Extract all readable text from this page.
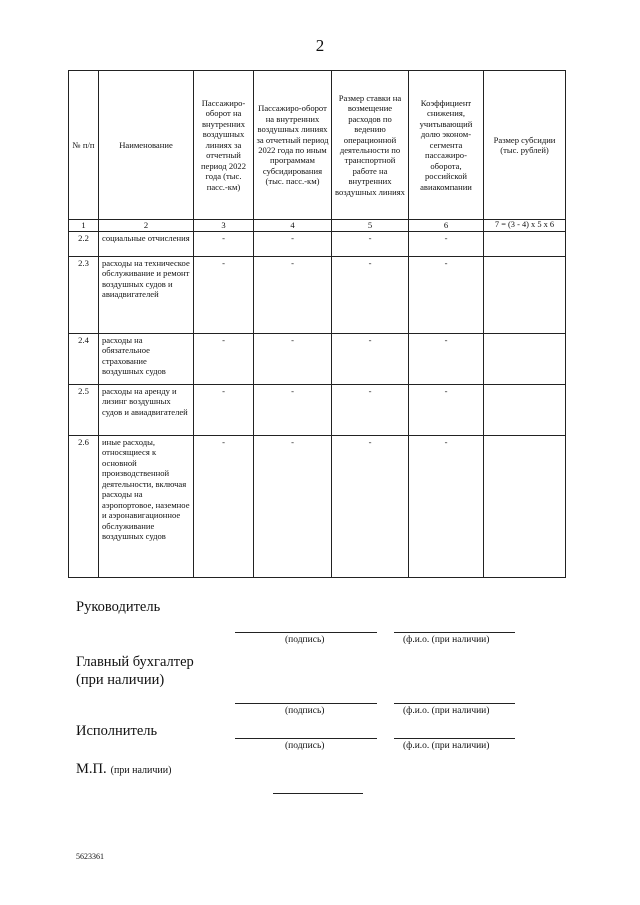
2
№ п/п	Наименование	Пассажиро-оборот на внутренних воздушных линиях за отчетный период 2022 года (тыс. пасс.-км)	Пассажиро-оборот на внутренних воздушных линиях за отчетный период 2022 года по иным программам субсидирования (тыс. пасс.-км)	Размер ставки на возмещение расходов по ведению операционной деятельности по транспортной работе на внутренних воздушных линиях	Коэффициент снижения, учитывающий долю эконом-сегмента пассажиро-оборота, российской авиакомпании	Размер субсидии (тыс. рублей)
1	2	3	4	5	6	7 = (3 - 4) x 5 x 6
2.2	социальные отчисления	-	-	-	-	
2.3	расходы на техническое обслуживание и ремонт воздушных судов и авиадвигателей	-	-	-	-	
2.4	расходы на обязательное страхование воздушных судов	-	-	-	-	
2.5	расходы на аренду и лизинг воздушных судов и авиадвигателей	-	-	-	-	
2.6	иные расходы, относящиеся к основной производственной деятельности, включая расходы на аэропортовое, наземное и аэронавигационное обслуживание воздушных судов	-	-	-	-	
Руководитель
(подпись)	(ф.и.о. (при наличии)
Главный бухгалтер
(при наличии)
(подпись)	(ф.и.о. (при наличии)
Исполнитель
(подпись)	(ф.и.о. (при наличии)
М.П. (при наличии)
5623361
